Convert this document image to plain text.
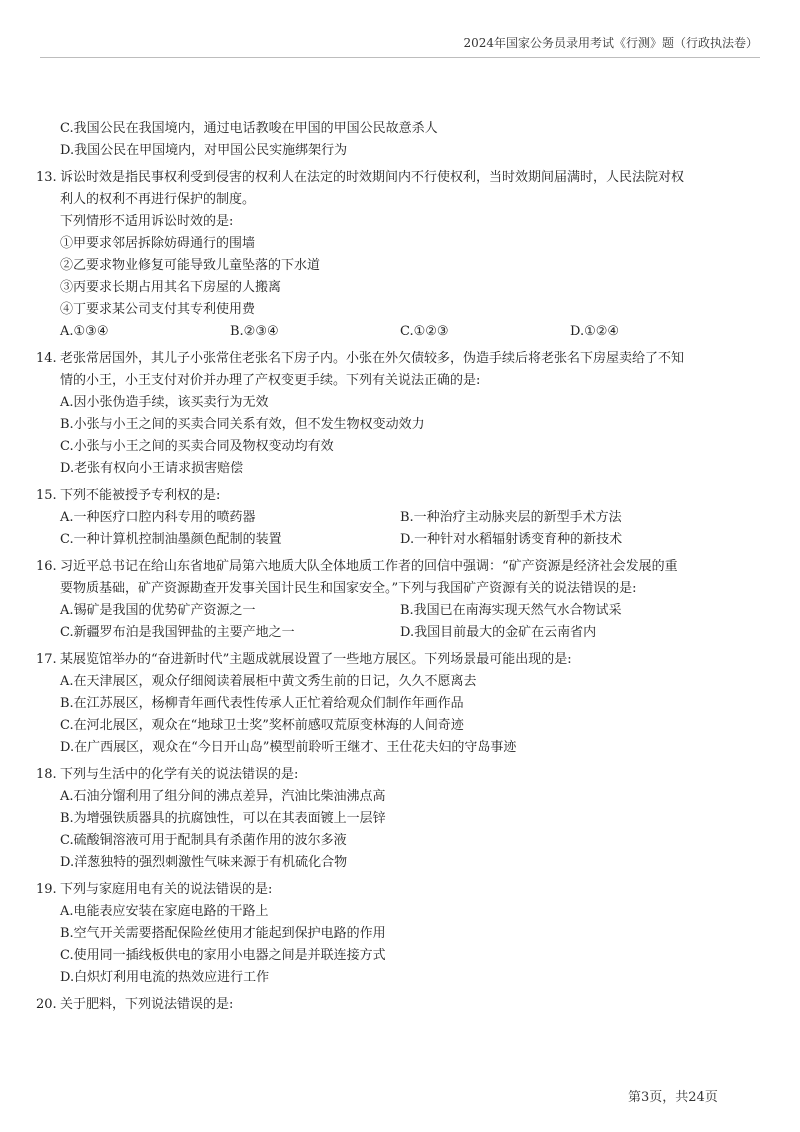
2024年国家公务员录用考试《行测》题（行政执法卷）
C.我国公民在我国境内，通过电话教唆在甲国的甲国公民故意杀人
D.我国公民在甲国境内，对甲国公民实施绑架行为
13. 诉讼时效是指民事权利受到侵害的权利人在法定的时效期间内不行使权利，当时效期间届满时，人民法院对权
利人的权利不再进行保护的制度。
下列情形不适用诉讼时效的是:
①甲要求邻居拆除妨碍通行的围墙
②乙要求物业修复可能导致儿童坠落的下水道
③丙要求长期占用其名下房屋的人搬离
④丁要求某公司支付其专利使用费
A.①③④	B.②③④	C.①②③	D.①②④
14. 老张常居国外，其儿子小张常住老张名下房子内。小张在外欠债较多，伪造手续后将老张名下房屋卖给了不知
情的小王，小王支付对价并办理了产权变更手续。下列有关说法正确的是:
A.因小张伪造手续，该买卖行为无效
B.小张与小王之间的买卖合同关系有效，但不发生物权变动效力
C.小张与小王之间的买卖合同及物权变动均有效
D.老张有权向小王请求损害赔偿
15. 下列不能被授予专利权的是:
A.一种医疗口腔内科专用的喷药器	B.一种治疗主动脉夹层的新型手术方法
C.一种计算机控制油墨颜色配制的装置	D.一种针对水稻辐射诱变育种的新技术
16. 习近平总书记在给山东省地矿局第六地质大队全体地质工作者的回信中强调：“矿产资源是经济社会发展的重
要物质基础，矿产资源勘查开发事关国计民生和国家安全。”下列与我国矿产资源有关的说法错误的是:
A.锡矿是我国的优势矿产资源之一	B.我国已在南海实现天然气水合物试采
C.新疆罗布泊是我国钾盐的主要产地之一	D.我国目前最大的金矿在云南省内
17. 某展览馆举办的“奋进新时代”主题成就展设置了一些地方展区。下列场景最可能出现的是:
A.在天津展区，观众仔细阅读着展柜中黄文秀生前的日记，久久不愿离去
B.在江苏展区，杨柳青年画代表性传承人正忙着给观众们制作年画作品
C.在河北展区，观众在“地球卫士奖”奖杯前感叹荒原变林海的人间奇迹
D.在广西展区，观众在“今日开山岛”模型前聆听王继才、王仕花夫妇的守岛事迹
18. 下列与生活中的化学有关的说法错误的是:
A.石油分馏利用了组分间的沸点差异，汽油比柴油沸点高
B.为增强铁质器具的抗腐蚀性，可以在其表面镀上一层锌
C.硫酸铜溶液可用于配制具有杀菌作用的波尔多液
D.洋葱独特的强烈刺激性气味来源于有机硫化合物
19. 下列与家庭用电有关的说法错误的是:
A.电能表应安装在家庭电路的干路上
B.空气开关需要搭配保险丝使用才能起到保护电路的作用
C.使用同一插线板供电的家用小电器之间是并联连接方式
D.白炽灯利用电流的热效应进行工作
20. 关于肥料，下列说法错误的是:
第3页，共24页
